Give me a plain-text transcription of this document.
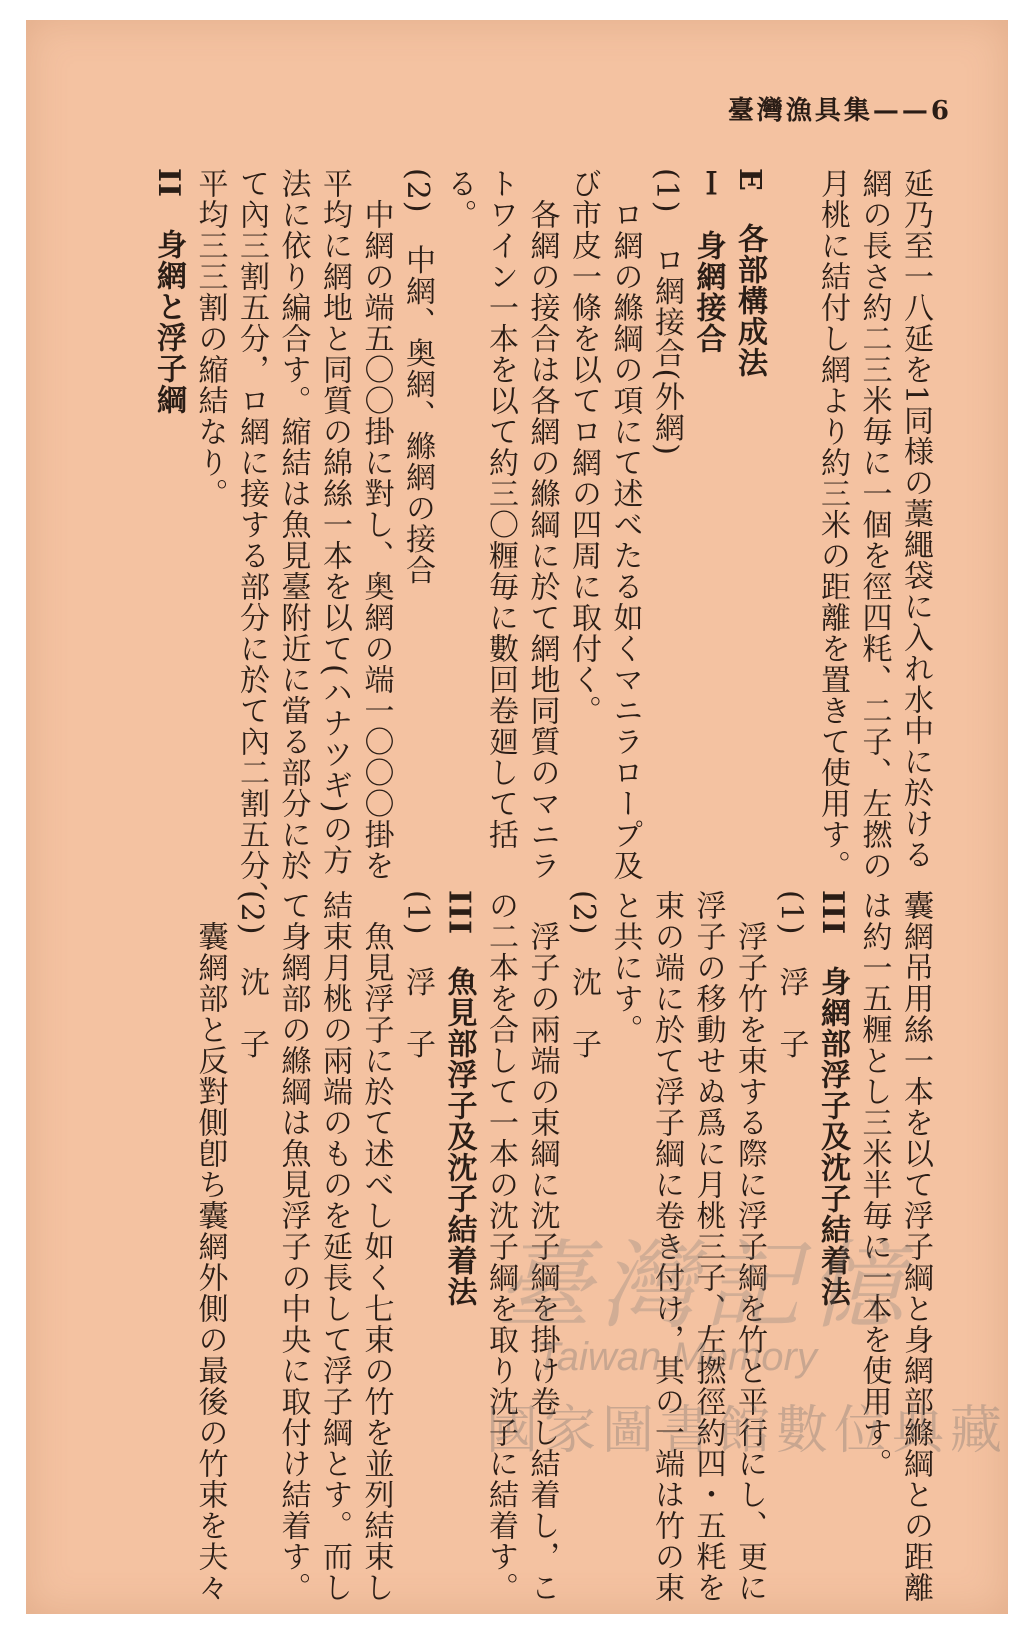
臺灣漁具集——6
延乃至一八延を1同様の藁繩袋に入れ水中に於ける
網の長さ約二三米毎に一個を徑四粍、二子、左撚の
月桃に結付し網より約三米の距離を置きて使用す。

E　各部構成法
Ｉ　身網接合
(1)　ロ網接合(外網)
　ロ網の縧綱の項にて述べたる如くマニラロープ及
び市皮一條を以てロ網の四周に取付く。
　各網の接合は各網の縧綱に於て網地同質のマニラ
トワイン一本を以て約三〇糎毎に數回卷廻して括
る。
(2)　中網、奥網、縧網の接合
　中網の端五〇〇掛に對し、奥網の端一〇〇〇掛を
平均に網地と同質の綿絲一本を以て(ハナツギ)の方
法に依り編合す。縮結は魚見臺附近に當る部分に於
て內三割五分，ロ網に接する部分に於て內二割五分、
平均三三割の縮結なり。
II　身網と浮子綱
囊網吊用絲一本を以て浮子綱と身網部縧綱との距離
は約一五糎とし三米半毎に一本を使用す。
III　身網部浮子及沈子結着法
(1)　浮　子
　浮子竹を束する際に浮子綱を竹と平行にし、更に
浮子の移動せぬ爲に月桃三子、左撚徑約四・五粍を
束の端に於て浮子綱に卷き付け，其の一端は竹の束
と共にす。
(2)　沈　子
　浮子の兩端の束綱に沈子綱を掛け卷し結着し，こ
の二本を合して一本の沈子綱を取り沈子に結着す。
III　魚見部浮子及沈子結着法
(1)　浮　子
　魚見浮子に於て述べし如く七束の竹を並列結束し
結束月桃の兩端のものを延長して浮子綱とす。而し
て身網部の縧綱は魚見浮子の中央に取付け結着す。
(2)　沈　子
　囊網部と反對側卽ち囊網外側の最後の竹束を夫々	臺灣記憶
Taiwan Memory
國家圖書館數位典藏
